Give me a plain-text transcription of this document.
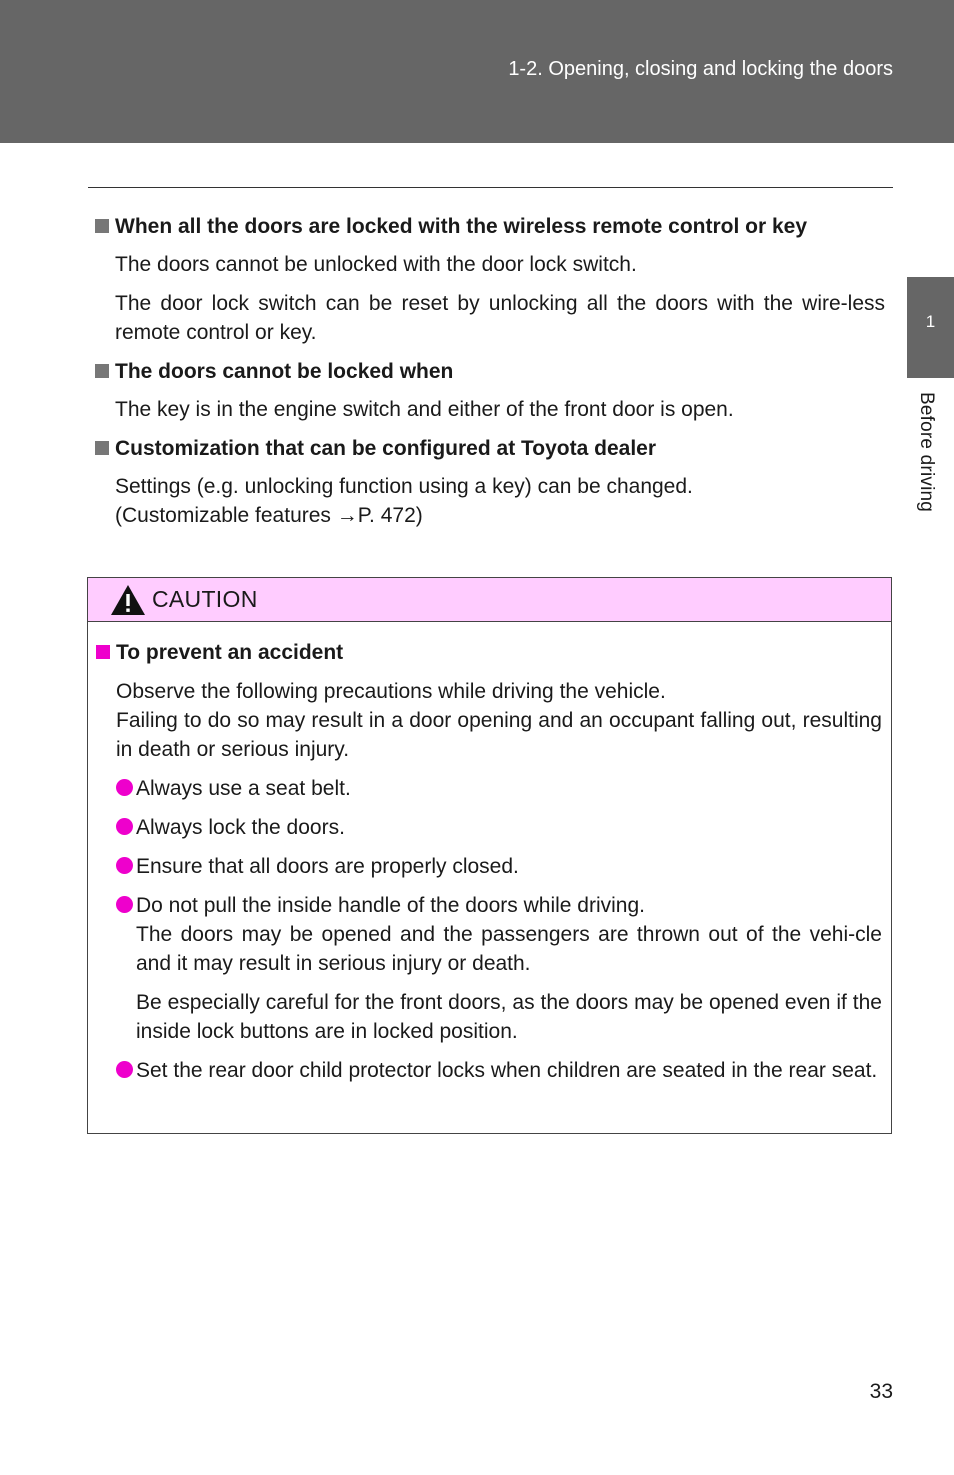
1-2. Opening, closing and locking the doors
1
Before driving
When all the doors are locked with the wireless remote control or key
The doors cannot be unlocked with the door lock switch.
The door lock switch can be reset by unlocking all the doors with the wire-less remote control or key.
The doors cannot be locked when
The key is in the engine switch and either of the front door is open.
Customization that can be configured at Toyota dealer
Settings (e.g. unlocking function using a key) can be changed.
(Customizable features →P. 472)
CAUTION
To prevent an accident
Observe the following precautions while driving the vehicle.
Failing to do so may result in a door opening and an occupant falling out, resulting in death or serious injury.
Always use a seat belt.
Always lock the doors.
Ensure that all doors are properly closed.
Do not pull the inside handle of the doors while driving.
The doors may be opened and the passengers are thrown out of the vehi-cle and it may result in serious injury or death.
Be especially careful for the front doors, as the doors may be opened even if the inside lock buttons are in locked position.
Set the rear door child protector locks when children are seated in the rear seat.
33
